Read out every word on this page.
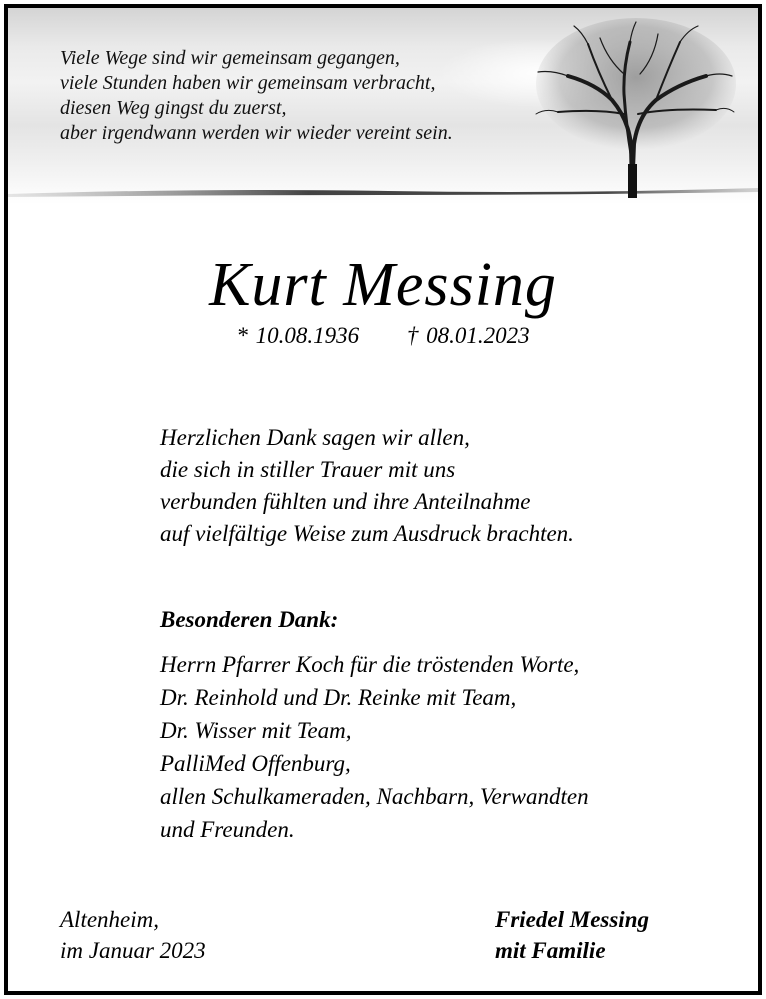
Viele Wege sind wir gemeinsam gegangen,
viele Stunden haben wir gemeinsam verbracht,
diesen Weg gingst du zuerst,
aber irgendwann werden wir wieder vereint sein.
Kurt Messing
* 10.08.1936 † 08.01.2023
Herzlichen Dank sagen wir allen,
die sich in stiller Trauer mit uns
verbunden fühlten und ihre Anteilnahme
auf vielfältige Weise zum Ausdruck brachten.
Besonderen Dank:
Herrn Pfarrer Koch für die tröstenden Worte,
Dr. Reinhold und Dr. Reinke mit Team,
Dr. Wisser mit Team,
PalliMed Offenburg,
allen Schulkameraden, Nachbarn, Verwandten
und Freunden.
Altenheim,
im Januar 2023
Friedel Messing
mit Familie
